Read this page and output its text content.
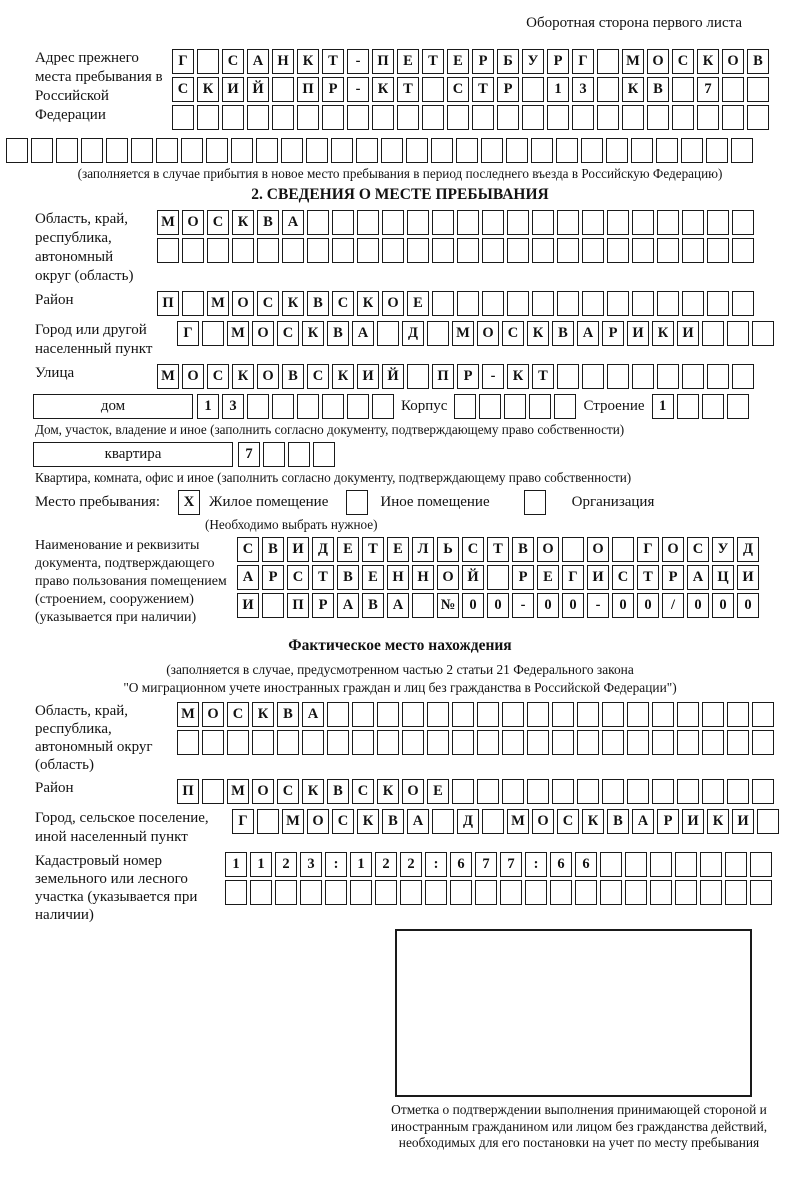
Оборотная сторона первого листа
Адрес прежнего места пребывания в Российской Федерации
Г	С	А Н К	Т	-	П	Е	Т	Е	Р	Б	У	Р	Г	М О С	К О	В
С	К И Й	П	Р	-	К	Т	С	Т	Р	1	3	К	В	7
(заполняется в случае прибытия в новое место пребывания в период последнего въезда в Российскую Федерацию)
2. СВЕДЕНИЯ О МЕСТЕ ПРЕБЫВАНИЯ
Область, край, республика, автономный округ (область)
М О С	К	В	А
Район	П	М О С	К	В	С	К О	Е
Город или другой населенный пункт
Г	М О С	К	В	А	Д	М О С	К	В	А	Р	И К И
Улица	М О С	К О	В	С	К И Й	П	Р	-	К	Т
дом	1	3	Корпус	Строение 1
Дом, участок, владение и иное (заполнить согласно документу, подтверждающему право собственности)
квартира	7
Квартира, комната, офис и иное (заполнить согласно документу, подтверждающему право собственности)
Место пребывания:	X Жилое помещение	Иное помещение	Организация
(Необходимо выбрать нужное)
Наименование и реквизиты документа, подтверждающего право пользования помещением (строением, сооружением) (указывается при наличии)
С	В	И Д	Е	Т	Е	Л	Ь	С	Т	В	О	О	Г	О С У	Д
А	Р	С	Т	В	Е	Н Н О Й	Р	Е	Г	И С	Т	Р	А Ц И
И	П	Р	А	В	А	№ 0	0	-	0	0	-	0	0	/	0	0	0
Фактическое место нахождения
(заполняется в случае, предусмотренном частью 2 статьи 21 Федерального закона
"О миграционном учете иностранных граждан и лиц без гражданства в Российской Федерации")
Область, край, республика, автономный округ (область)
М О С	К	В	А
Район	П	М О С	К	В	С	К О	Е
Город, сельское поселение, иной населенный пункт
Г	М О С	К	В	А	Д	М О С	К	В	А	Р	И К И
Кадастровый номер земельного или лесного участка (указывается при наличии)
1	1	2	3	:	1	2	2	:	6	7	7	:	6	6
Отметка о подтверждении выполнения принимающей стороной и иностранным гражданином или лицом без гражданства действий, необходимых для его постановки на учет по месту пребывания
